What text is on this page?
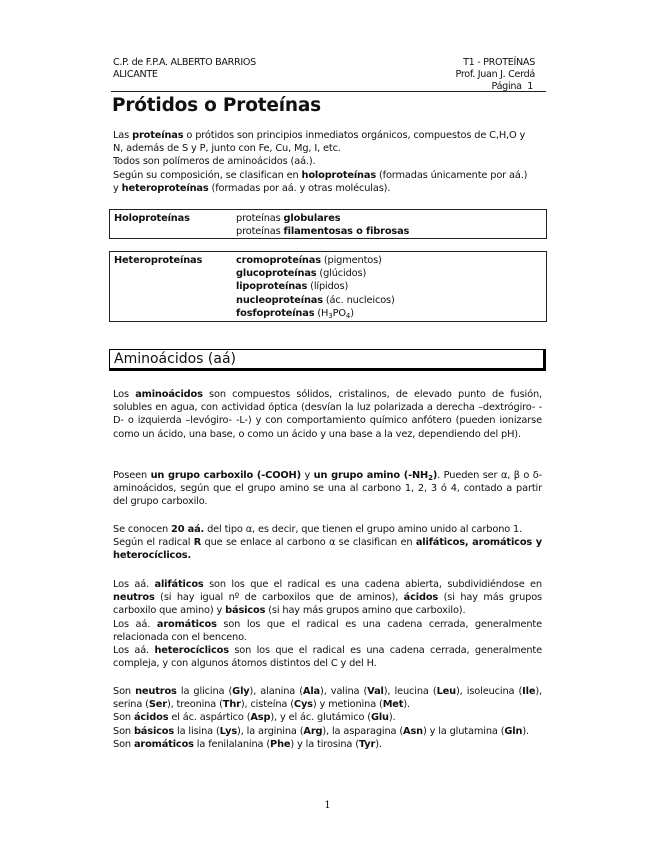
C.P. de F.P.A. ALBERTO BARRIOS
ALICANTE
T1 - PROTEÍNAS
Prof. Juan J. Cerdá
Página 1
Prótidos o Proteínas
Las proteínas o prótidos son principios inmediatos orgánicos, compuestos de C,H,O y
N, además de S y P, junto con Fe, Cu, Mg, I, etc.
Todos son polímeros de aminoácidos (aá.).
Según su composición, se clasifican en holoproteínas (formadas únicamente por aá.)
y heteroproteínas (formadas por aá. y otras moléculas).
Holoproteínas	proteínas globulares
proteínas filamentosas o fibrosas
Heteroproteínas	cromoproteínas (pigmentos)
glucoproteínas (glúcidos)
lipoproteínas (lípidos)
nucleoproteínas (ác. nucleicos)
fosfoproteínas $(H_3PO_4)$
Aminoácidos (aá)
Los aminoácidos son compuestos sólidos, cristalinos, de elevado punto de fusión, solubles en agua, con actividad óptica (desvían la luz polarizada a derecha –dextrógiro- -D- o izquierda –levógiro- -L-) y con comportamiento químico anfótero (pueden ionizarse como un ácido, una base, o como un ácido y una base a la vez, dependiendo del pH).
Poseen un grupo carboxilo (-COOH) y un grupo amino $(-NH_2)$. Pueden ser α, β o δ-aminoácidos, según que el grupo amino se una al carbono 1, 2, 3 ó 4, contado a partir del grupo carboxilo.
Se conocen 20 aá. del tipo α, es decir, que tienen el grupo amino unido al carbono 1.
Según el radical R que se enlace al carbono α se clasifican en alifáticos, aromáticos y heterocíclicos.
Los aá. alifáticos son los que el radical es una cadena abierta, subdividiéndose en neutros (si hay igual nº de carboxilos que de aminos), ácidos (si hay más grupos carboxilo que amino) y básicos (si hay más grupos amino que carboxilo).
Los aá. aromáticos son los que el radical es una cadena cerrada, generalmente relacionada con el benceno.
Los aá. heterocíclicos son los que el radical es una cadena cerrada, generalmente compleja, y con algunos átomos distintos del C y del H.
Son neutros la glicina (Gly), alanina (Ala), valina (Val), leucina (Leu), isoleucina (Ile), serina (Ser), treonina (Thr), cisteína (Cys) y metionina (Met).
Son ácidos el ác. aspártico (Asp), y el ác. glutámico (Glu).
Son básicos la lisina (Lys), la arginina (Arg), la asparagina (Asn) y la glutamina (Gln).
Son aromáticos la fenilalanina (Phe) y la tirosina (Tyr).
1
